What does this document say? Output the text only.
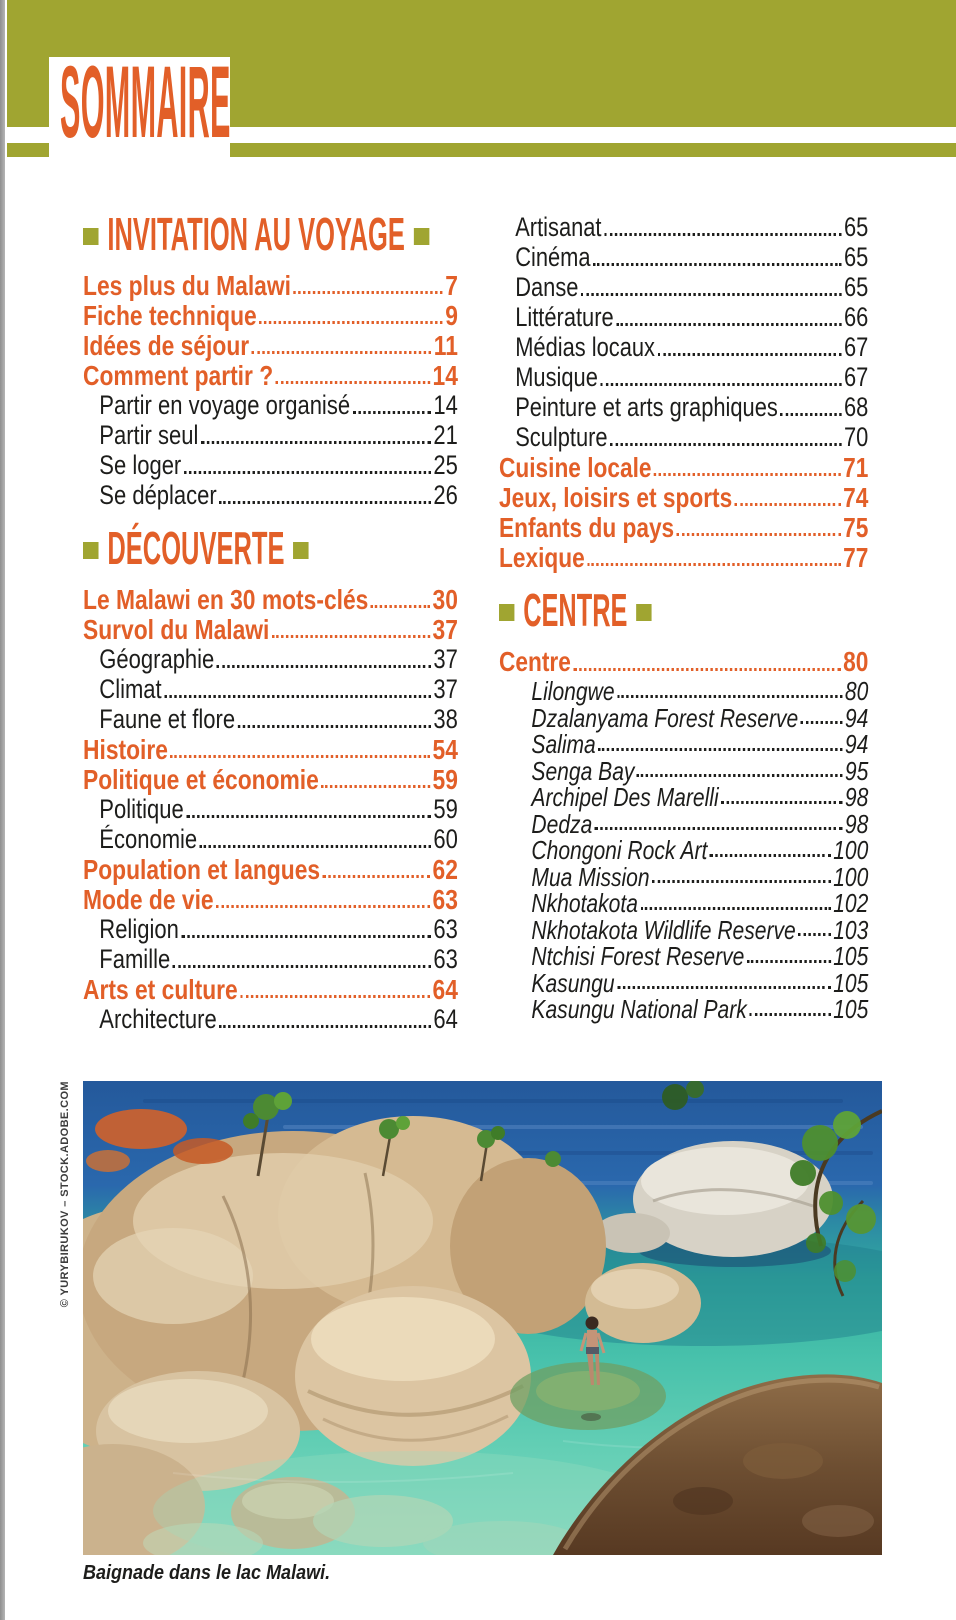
SOMMAIRE
INVITATION AU VOYAGE
Les plus du Malawi	7
Fiche technique	9
Idées de séjour	11
Comment partir ?	14
Partir en voyage organisé	14
Partir seul	21
Se loger	25
Se déplacer	26
DÉCOUVERTE
Le Malawi en 30 mots-clés 30
Survol du Malawi	37
Géographie	37
Climat	37
Faune et flore	38
Histoire	54
Politique et économie	59
Politique	59
Économie	60
Population et langues	62
Mode de vie	63
Religion	63
Famille	63
Arts et culture	64
Architecture	64
Artisanat	65
Cinéma	65
Danse	65
Littérature	66
Médias locaux	67
Musique	67
Peinture et arts graphiques 68
Sculpture	70
Cuisine locale	71
Jeux, loisirs et sports	74
Enfants du pays	75
Lexique	77
CENTRE
Centre	80
Lilongwe	80
Dzalanyama Forest Reserve 94
Salima	94
Senga Bay	95
Archipel Des Marelli	98
Dedza	98
Chongoni Rock Art	100
Mua Mission	100
Nkhotakota	102
Nkhotakota Wildlife Reserve 103
Ntchisi Forest Reserve	105
Kasungu	105
Kasungu National Park	105
© YURYBIRUKOV – STOCK.ADOBE.COM
Baignade dans le lac Malawi.
